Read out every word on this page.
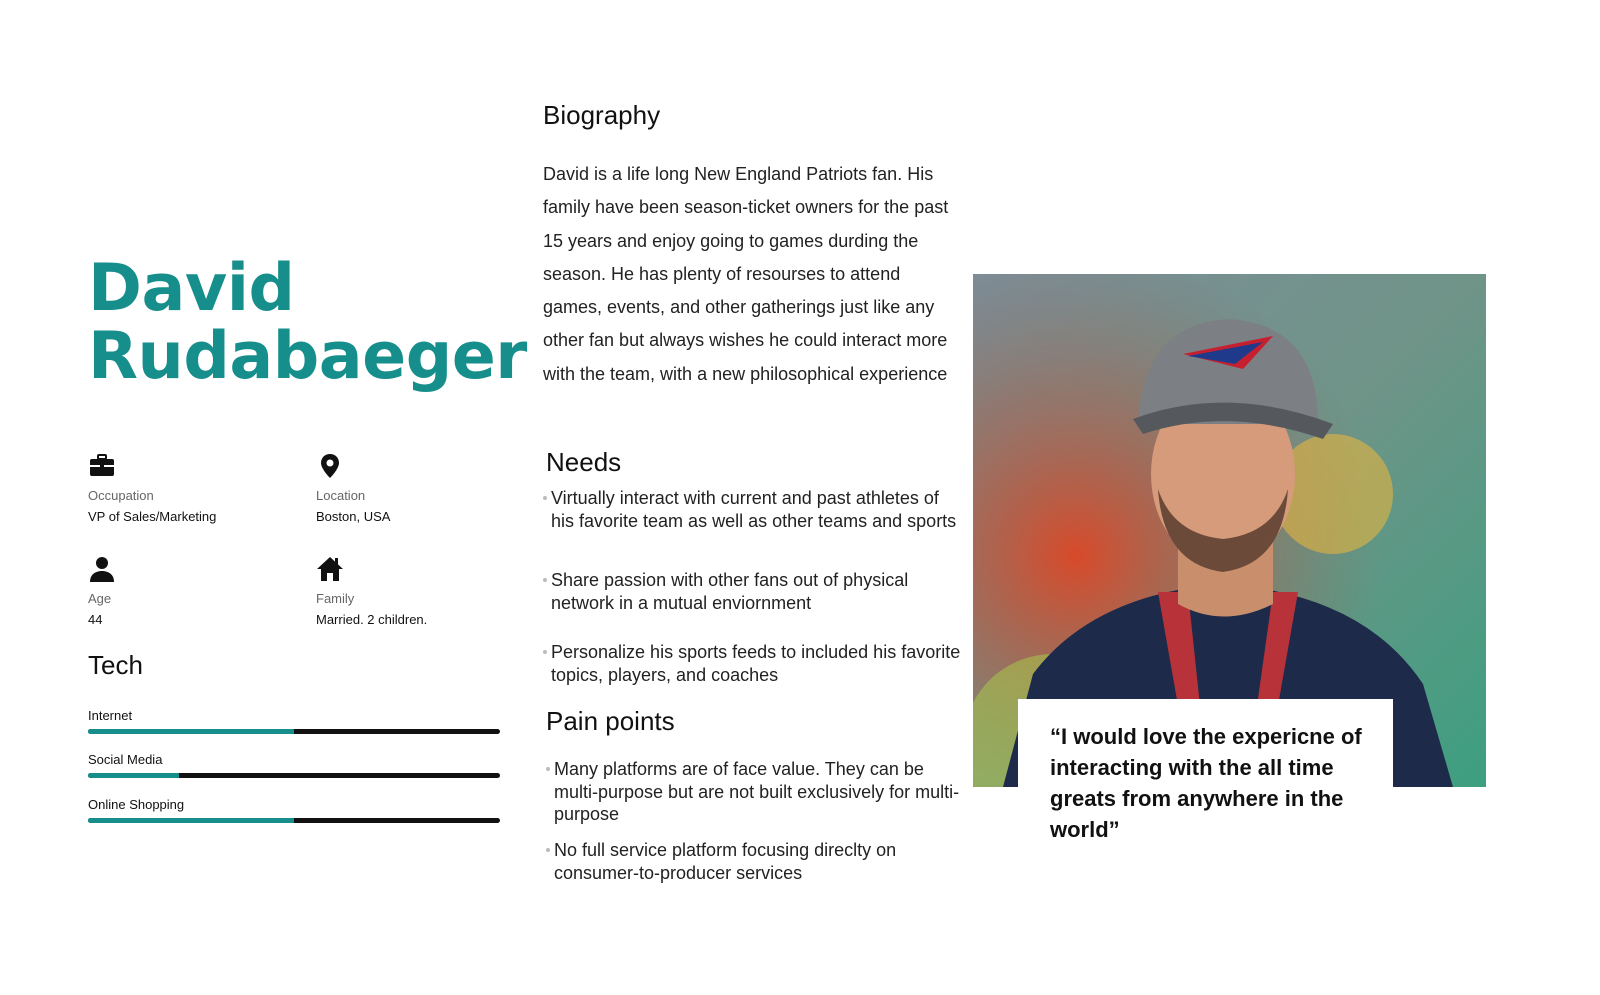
David
Rudabaeger
Occupation
VP of Sales/Marketing
Location
Boston, USA
Age
44
Family
Married. 2 children.
Tech
Internet
Social Media
Online Shopping
Biography

David is a life long New England Patriots fan. His family have been season-ticket owners for the past 15 years and enjoy going to games durding the season. He has plenty of resourses to attend games, events, and other gatherings just like any other fan but always wishes he could interact more with the team, with a new philosophical experience

Needs
Virtually interact with current and past athletes of his favorite team as well as other teams and sports
Share passion with other fans out of physical network in a mutual enviornment
Personalize his sports feeds to included his favorite topics, players, and coaches
Pain points
Many platforms are of face value. They can be multi-purpose but are not built exclusively for multi-purpose
No full service platform focusing direclty on consumer-to-producer services

“I would love the expericne of interacting with the all time greats from anywhere in the world”
